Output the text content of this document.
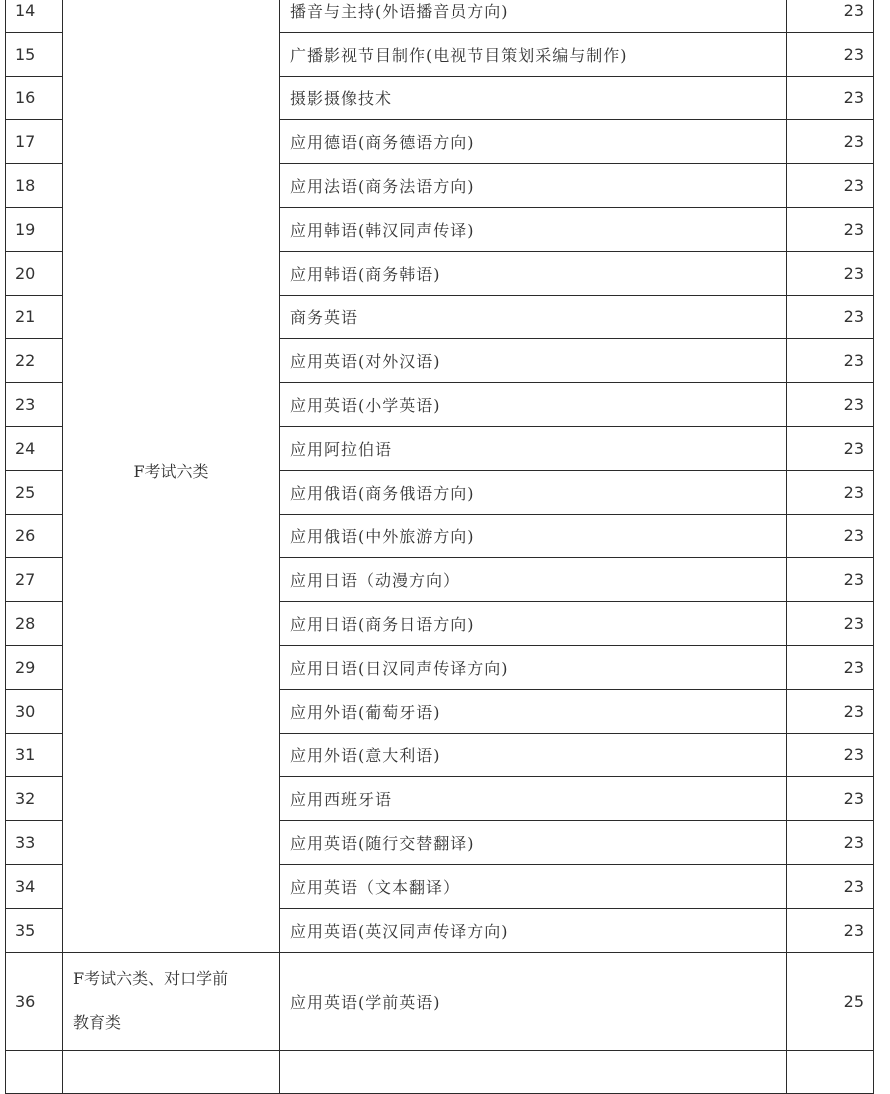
14	F考试六类	播音与主持(外语播音员方向)	23
15		广播影视节目制作(电视节目策划采编与制作)	23
16		摄影摄像技术	23
17		应用德语(商务德语方向)	23
18		应用法语(商务法语方向)	23
19		应用韩语(韩汉同声传译)	23
20		应用韩语(商务韩语)	23
21		商务英语	23
22		应用英语(对外汉语)	23
23		应用英语(小学英语)	23
24		应用阿拉伯语	23
25		应用俄语(商务俄语方向)	23
26		应用俄语(中外旅游方向)	23
27		应用日语（动漫方向）	23
28		应用日语(商务日语方向)	23
29		应用日语(日汉同声传译方向)	23
30		应用外语(葡萄牙语)	23
31		应用外语(意大利语)	23
32		应用西班牙语	23
33		应用英语(随行交替翻译)	23
34		应用英语（文本翻译）	23
35		应用英语(英汉同声传译方向)	23
36	F考试六类、对口学前
教育类	应用英语(学前英语)	25
